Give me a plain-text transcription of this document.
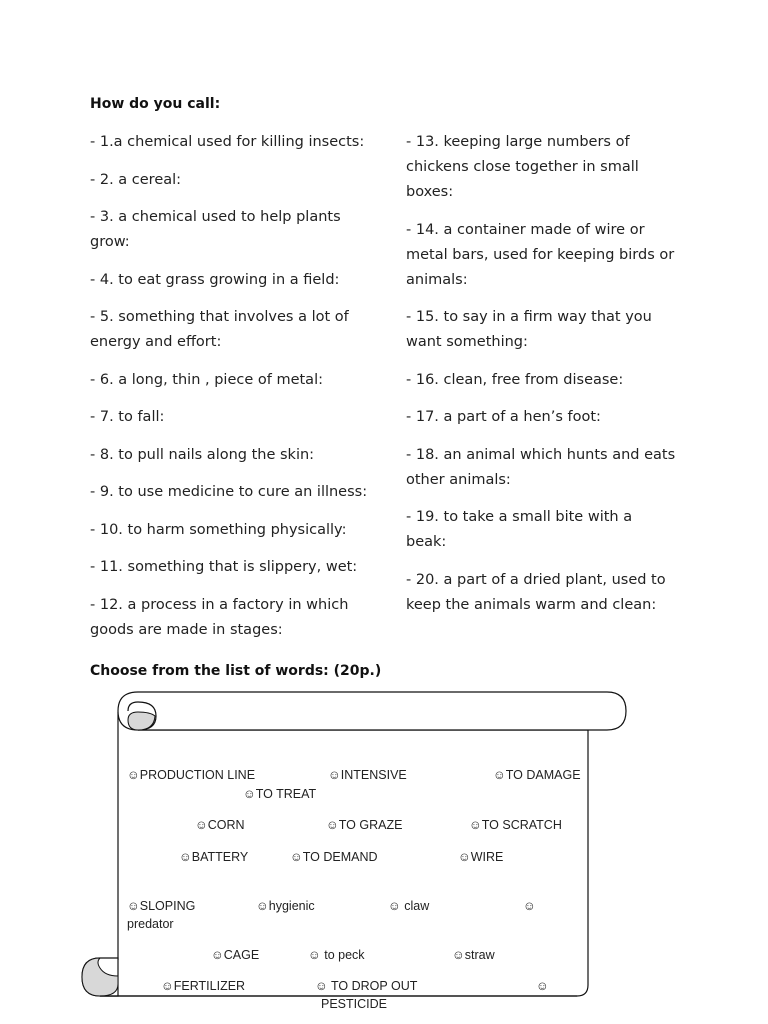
How do you call:
- 1.a chemical used for killing insects:
- 2. a cereal:
- 3. a chemical used to help plants grow:
- 4. to eat grass growing in a field:
- 5. something that involves a lot of energy and effort:
- 6. a long, thin , piece of metal:
- 7. to fall:
- 8. to pull nails along the skin:
- 9. to use medicine to cure an illness:
- 10. to harm something physically:
- 11. something that is slippery, wet:
- 12. a process in a factory in which goods are made in stages:
- 13. keeping large numbers of chickens close together in small boxes:
- 14. a container made of wire or metal bars, used for keeping birds or animals:
- 15. to say in a firm way that you want something:
- 16. clean, free from disease:
- 17. a part of a hen’s foot:
- 18. an animal which hunts and eats other animals:
- 19. to take a small bite with a beak:
- 20. a part of a dried plant, used to keep the animals warm and clean:
Choose from the list of words: (20p.)
☺PRODUCTION LINE	☺INTENSIVE	☺TO DAMAGE
☺TO TREAT
☺CORN	☺TO GRAZE	☺TO SCRATCH
☺BATTERY	☺TO DEMAND	☺WIRE
☺SLOPING	☺hygienic	☺ claw	☺
predator
☺CAGE	☺ to peck	☺straw
☺FERTILIZER	☺ TO DROP OUT	☺
PESTICIDE
